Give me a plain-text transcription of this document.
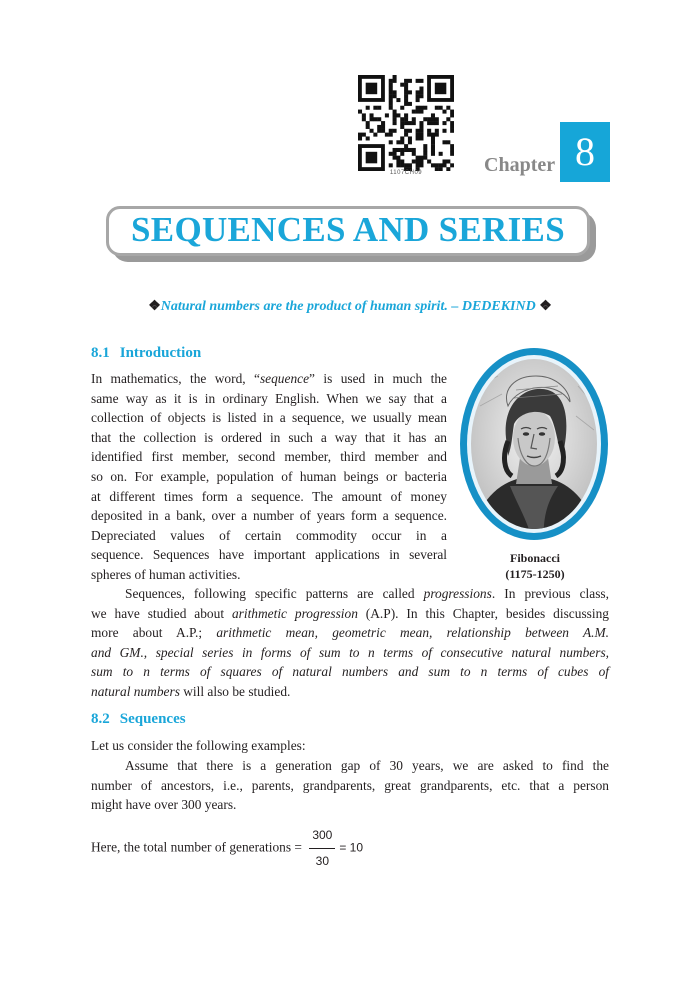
1107CH09	Chapter 8
SEQUENCES AND SERIES
❖Natural numbers are the product of human spirit. – DEDEKIND ❖
8.1 Introduction
In mathematics, the word, “sequence” is used in much the
same way as it is in ordinary English. When we say that a
collection of objects is listed in a sequence, we usually mean
that the collection is ordered in such a way that it has an
identified first member, second member, third member and
so on. For example, population of human beings or bacteria
at different times form a sequence. The amount of money
deposited in a bank, over a number of years form a sequence.
Depreciated values of certain commodity occur in a
sequence. Sequences have important applications in several
spheres of human activities.
Fibonacci
(1175-1250)
Sequences, following specific patterns are called progressions. In previous class,
we have studied about arithmetic progression (A.P). In this Chapter, besides discussing
more about A.P.; arithmetic mean, geometric mean, relationship between A.M.
and GM., special series in forms of sum to n terms of consecutive natural numbers,
sum to n terms of squares of natural numbers and sum to n terms of cubes of
natural numbers will also be studied.
8.2 Sequences
Let us consider the following examples:
Assume that there is a generation gap of 30 years, we are asked to find the
number of ancestors, i.e., parents, grandparents, great grandparents, etc. that a person
might have over 300 years.
Here, the total number of generations = $\frac{300}{30} = 10$
